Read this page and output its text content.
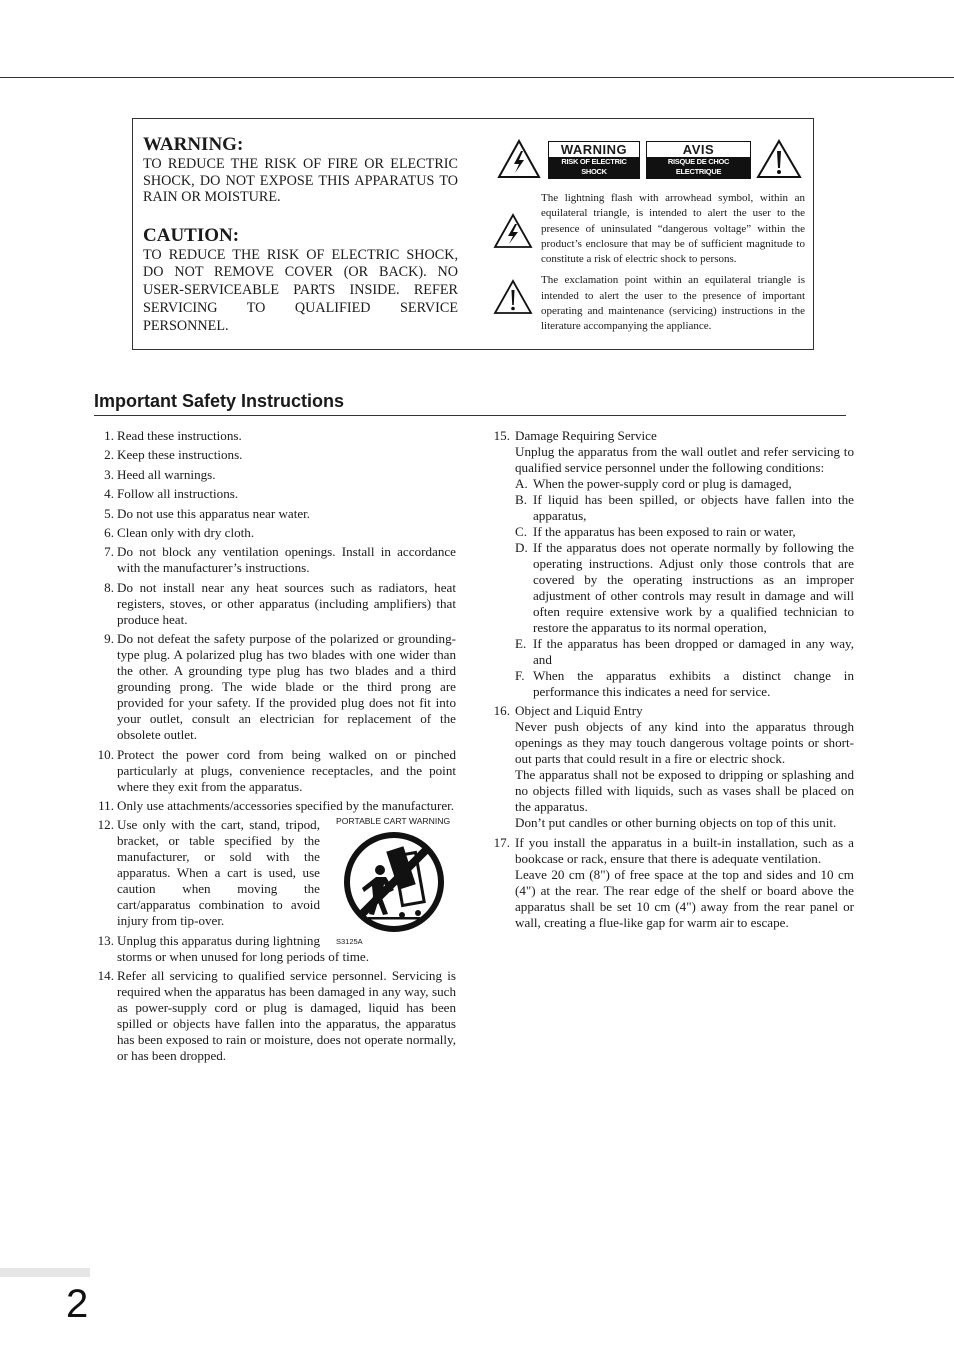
WARNING:

TO REDUCE THE RISK OF FIRE OR ELECTRIC SHOCK, DO NOT EXPOSE THIS APPARATUS TO RAIN OR MOISTURE.

CAUTION:

TO REDUCE THE RISK OF ELECTRIC SHOCK, DO NOT REMOVE COVER (OR BACK). NO USER-SERVICEABLE PARTS INSIDE. REFER SERVICING TO QUALIFIED SERVICE PERSONNEL.

WARNING
RISK OF ELECTRIC SHOCK
DO NOT OPEN
AVIS
RISQUE DE CHOC ELECTRIQUE
NE PAS OUVRIR

The lightning flash with arrowhead symbol, within an equilateral triangle, is intended to alert the user to the presence of uninsulated “dangerous voltage” within the product’s enclosure that may be of sufficient magnitude to constitute a risk of electric shock to persons.

The exclamation point within an equilateral triangle is intended to alert the user to the presence of important operating and maintenance (servicing) instructions in the literature accompanying the appliance.

Important Safety Instructions
1. Read these instructions.
2. Keep these instructions.
3. Heed all warnings.
4. Follow all instructions.
5. Do not use this apparatus near water.
6. Clean only with dry cloth.
7. Do not block any ventilation openings. Install in accordance with the manufacturer’s instructions.
8. Do not install near any heat sources such as radiators, heat registers, stoves, or other apparatus (including amplifiers) that produce heat.
9. Do not defeat the safety purpose of the polarized or grounding-type plug. A polarized plug has two blades with one wider than the other. A grounding type plug has two blades and a third grounding prong. The wide blade or the third prong are provided for your safety. If the provided plug does not fit into your outlet, consult an electrician for replacement of the obsolete outlet.
10. Protect the power cord from being walked on or pinched particularly at plugs, convenience receptacles, and the point where they exit from the apparatus.
11. Only use attachments/accessories specified by the manufacturer.
12.	PORTABLE CART WARNING
S3125A
Use only with the cart, stand, tripod, bracket, or table specified by the manufacturer, or sold with the apparatus. When a cart is used, use caution when moving the cart/apparatus combination to avoid injury from tip-over.
13. Unplug this apparatus during lightning storms or when unused for long periods of time.
14. Refer all servicing to qualified service personnel. Servicing is required when the apparatus has been damaged in any way, such as power-supply cord or plug is damaged, liquid has been spilled or objects have fallen into the apparatus, the apparatus has been exposed to rain or moisture, does not operate normally, or has been dropped.
15. Damage Requiring Service

Unplug the apparatus from the wall outlet and refer servicing to qualified service personnel under the following conditions:

A. When the power-supply cord or plug is damaged,
B. If liquid has been spilled, or objects have fallen into the apparatus,
C. If the apparatus has been exposed to rain or water,
D. If the apparatus does not operate normally by following the operating instructions. Adjust only those controls that are covered by the operating instructions as an improper adjustment of other controls may result in damage and will often require extensive work by a qualified technician to restore the apparatus to its normal operation,
E. If the apparatus has been dropped or damaged in any way, and
F. When the apparatus exhibits a distinct change in performance this indicates a need for service.
16. Object and Liquid Entry

Never push objects of any kind into the apparatus through openings as they may touch dangerous voltage points or short-out parts that could result in a fire or electric shock.

The apparatus shall not be exposed to dripping or splashing and no objects filled with liquids, such as vases shall be placed on the apparatus.

Don’t put candles or other burning objects on top of this unit.

17. If you install the apparatus in a built-in installation, such as a bookcase or rack, ensure that there is adequate ventilation.

Leave 20 cm (8") of free space at the top and sides and 10 cm (4") at the rear. The rear edge of the shelf or board above the apparatus shall be set 10 cm (4") away from the rear panel or wall, creating a flue-like gap for warm air to escape.

2
